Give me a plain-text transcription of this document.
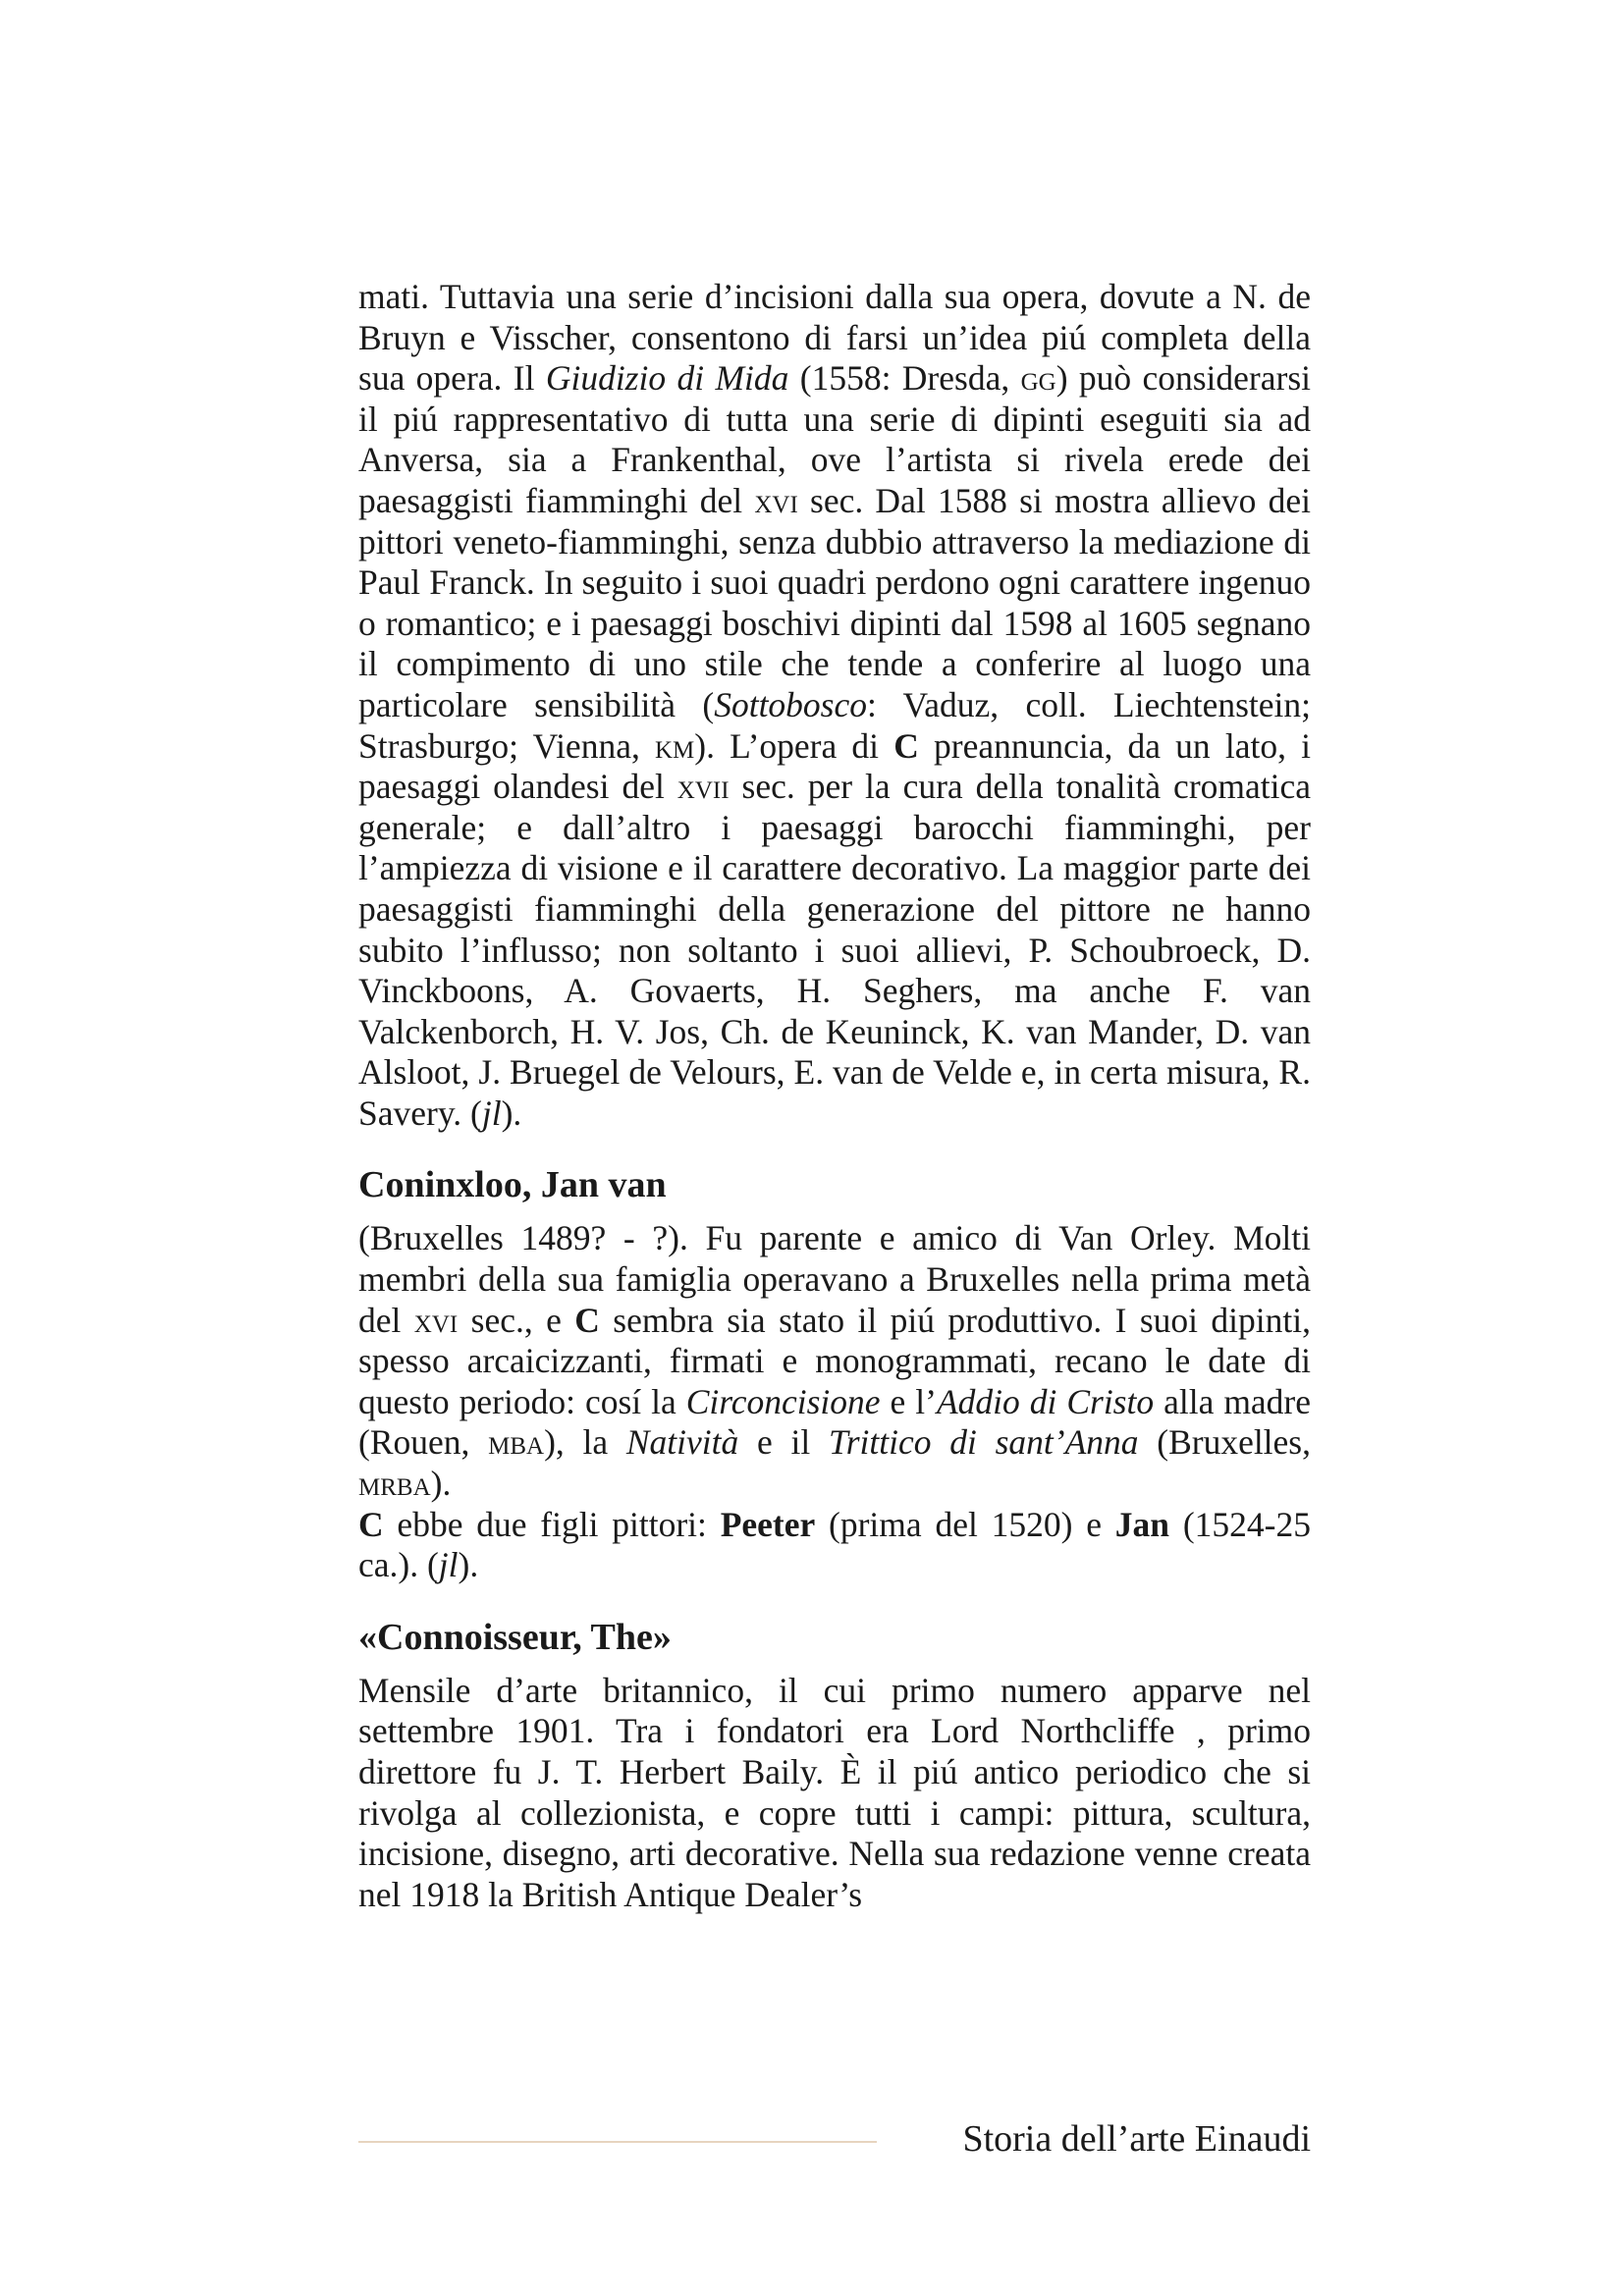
mati. Tuttavia una serie d’incisioni dalla sua opera, dovute a N. de Bruyn e Visscher, consentono di farsi un’idea piú completa della sua opera. Il Giudizio di Mida (1558: Dresda, gg) può considerarsi il piú rappresentativo di tutta una serie di dipinti eseguiti sia ad Anversa, sia a Frankenthal, ove l’artista si rivela erede dei paesaggisti fiamminghi del xvi sec. Dal 1588 si mostra allievo dei pittori veneto-fiamminghi, senza dubbio attraverso la mediazione di Paul Franck. In seguito i suoi quadri perdono ogni carattere ingenuo o romantico; e i paesaggi boschivi dipinti dal 1598 al 1605 segnano il compimento di uno stile che tende a conferire al luogo una particolare sensibilità (Sottobosco: Vaduz, coll. Liechtenstein; Strasburgo; Vienna, km). L’opera di C preannuncia, da un lato, i paesaggi olandesi del xvii sec. per la cura della tonalità cromatica generale; e dall’altro i paesaggi barocchi fiamminghi, per l’ampiezza di visione e il carattere decorativo. La maggior parte dei paesaggisti fiamminghi della generazione del pittore ne hanno subito l’influsso; non soltanto i suoi allievi, P. Schoubroeck, D. Vinckboons, A. Govaerts, H. Seghers, ma anche F. van Valckenborch, H. V. Jos, Ch. de Keuninck, K. van Mander, D. van Alsloot, J. Bruegel de Velours, E. van de Velde e, in certa misura, R. Savery. (jl).

Coninxloo, Jan van

(Bruxelles 1489? - ?). Fu parente e amico di Van Orley. Molti membri della sua famiglia operavano a Bruxelles nella prima metà del xvi sec., e C sembra sia stato il piú produttivo. I suoi dipinti, spesso arcaicizzanti, firmati e monogrammati, recano le date di questo periodo: cosí la Circoncisione e l’Addio di Cristo alla madre (Rouen, mba), la Natività e il Trittico di sant’Anna (Bruxelles, mrba).

C ebbe due figli pittori: Peeter (prima del 1520) e Jan (1524-25 ca.). (jl).

«Connoisseur, The»

Mensile d’arte britannico, il cui primo numero apparve nel settembre 1901. Tra i fondatori era Lord Northcliffe , primo direttore fu J. T. Herbert Baily. È il piú antico periodico che si rivolga al collezionista, e copre tutti i campi: pittura, scultura, incisione, disegno, arti decorative. Nella sua redazione venne creata nel 1918 la British Antique Dealer’s

Storia dell’arte Einaudi
